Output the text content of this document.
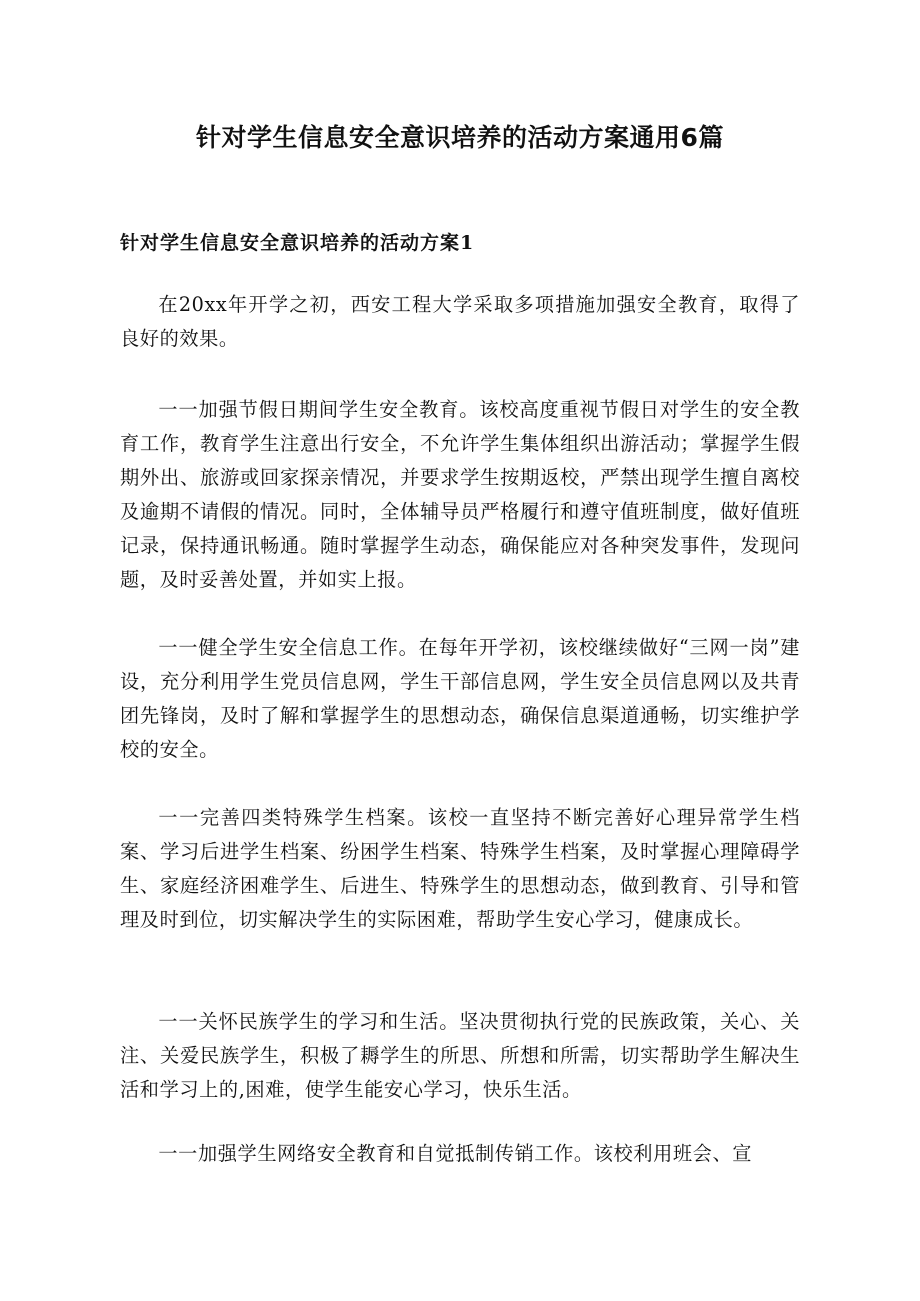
针对学生信息安全意识培养的活动方案通用6篇
针对学生信息安全意识培养的活动方案1

在20xx年开学之初，西安工程大学采取多项措施加强安全教育，取得了良好的效果。

一一加强节假日期间学生安全教育。该校高度重视节假日对学生的安全教育工作，教育学生注意出行安全，不允许学生集体组织出游活动；掌握学生假期外出、旅游或回家探亲情况，并要求学生按期返校，严禁出现学生擅自离校及逾期不请假的情况。同时，全体辅导员严格履行和遵守值班制度，做好值班记录，保持通讯畅通。随时掌握学生动态，确保能应对各种突发事件，发现问题，及时妥善处置，并如实上报。

一一健全学生安全信息工作。在每年开学初，该校继续做好“三网一岗”建设，充分利用学生党员信息网，学生干部信息网，学生安全员信息网以及共青团先锋岗，及时了解和掌握学生的思想动态，确保信息渠道通畅，切实维护学校的安全。

一一完善四类特殊学生档案。该校一直坚持不断完善好心理异常学生档案、学习后进学生档案、纷困学生档案、特殊学生档案，及时掌握心理障碍学生、家庭经济困难学生、后进生、特殊学生的思想动态，做到教育、引导和管理及时到位，切实解决学生的实际困难，帮助学生安心学习，健康成长。

一一关怀民族学生的学习和生活。坚决贯彻执行党的民族政策，关心、关注、关爱民族学生，积极了耨学生的所思、所想和所需，切实帮助学生解决生活和学习上的,困难，使学生能安心学习，快乐生活。

一一加强学生网络安全教育和自觉抵制传销工作。该校利用班会、宣
